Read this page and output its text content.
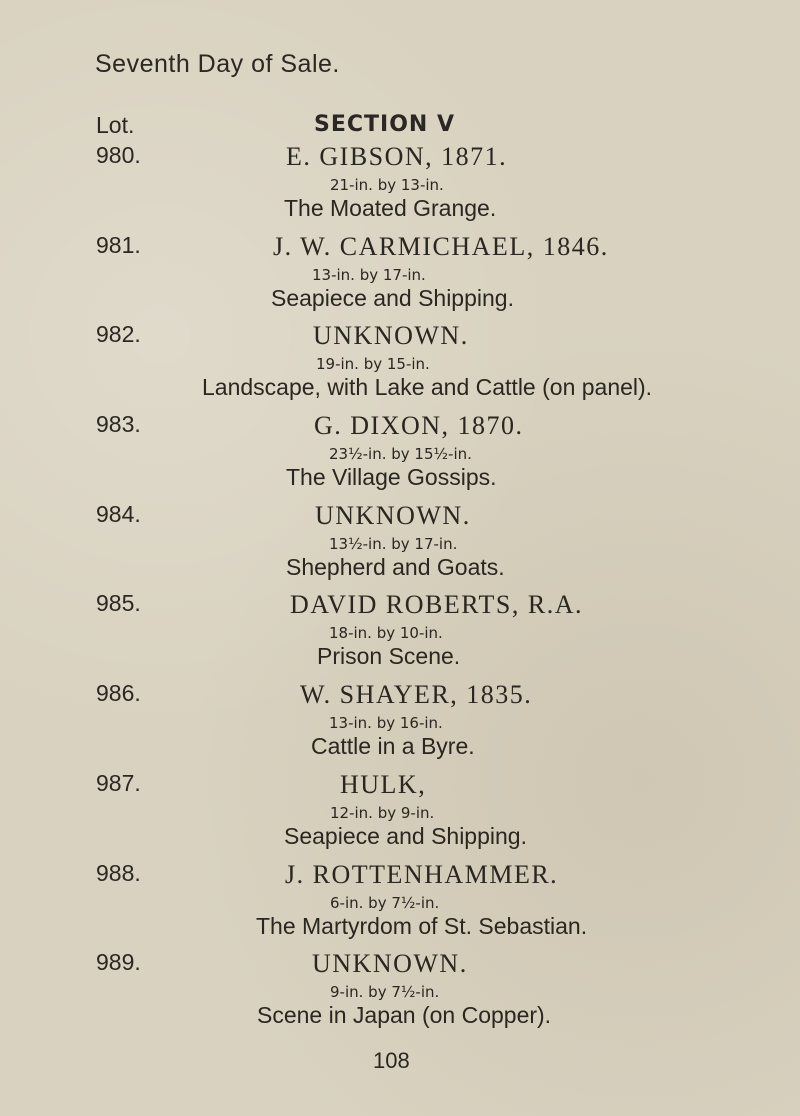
Seventh Day of Sale.
Lot.	SECTION V
980.	E. GIBSON, 1871.
21-in. by 13-in.
The Moated Grange.
981.	J. W. CARMICHAEL, 1846.
13-in. by 17-in.
Seapiece and Shipping.
982.	UNKNOWN.
19-in. by 15-in.
Landscape, with Lake and Cattle (on panel).
983.	G. DIXON, 1870.
23½-in. by 15½-in.
The Village Gossips.
984.	UNKNOWN.
13½-in. by 17-in.
Shepherd and Goats.
985.	DAVID ROBERTS, R.A.
18-in. by 10-in.
Prison Scene.
986.	W. SHAYER, 1835.
13-in. by 16-in.
Cattle in a Byre.
987.	HULK,
12-in. by 9-in.
Seapiece and Shipping.
988.	J. ROTTENHAMMER.
6-in. by 7½-in.
The Martyrdom of St. Sebastian.
989.	UNKNOWN.
9-in. by 7½-in.
Scene in Japan (on Copper).
108
